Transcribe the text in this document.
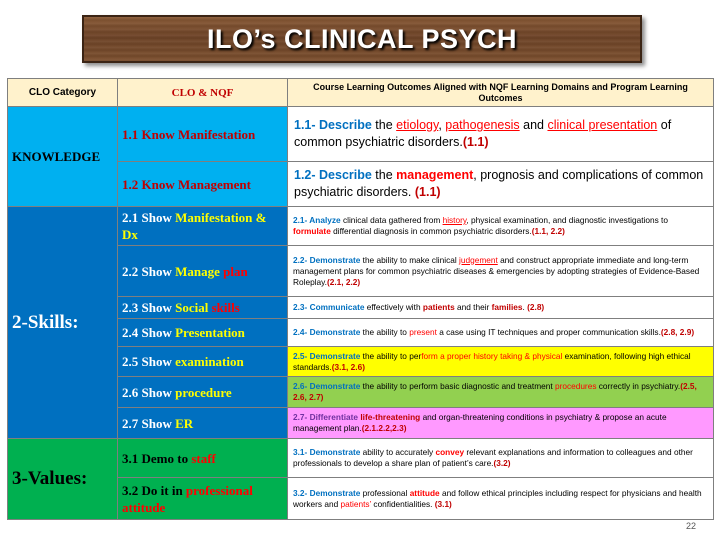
ILO’s CLINICAL PSYCH
CLO Category	CLO & NQF	Course Learning Outcomes Aligned with NQF Learning Domains and Program Learning Outcomes
KNOWLEDGE	1.1 Know Manifestation	1.1- Describe the etiology, pathogenesis and clinical presentation of common psychiatric disorders.(1.1)
	1.2 Know Management	1.2- Describe the management, prognosis and complications of common psychiatric disorders. (1.1)
2-Skills:	2.1 Show Manifestation & Dx	2.1- Analyze clinical data gathered from history, physical examination, and diagnostic investigations to formulate differential diagnosis in common psychiatric disorders.(1.1, 2.2)
	2.2 Show Manage plan	2.2- Demonstrate the ability to make clinical judgement and construct appropriate immediate and long-term management plans for common psychiatric diseases & emergencies by adopting strategies of Evidence-Based Roleplay.(2.1, 2.2)
	2.3 Show Social skills	2.3- Communicate effectively with patients and their families. (2.8)
	2.4 Show Presentation	2.4- Demonstrate the ability to present a case using IT techniques and proper communication skills.(2.8, 2.9)
	2.5 Show examination	2.5- Demonstrate the ability to perform a proper history taking & physical examination, following high ethical standards.(3.1, 2.6)
	2.6 Show procedure	2.6- Demonstrate the ability to perform basic diagnostic and treatment procedures correctly in psychiatry.(2.5, 2.6, 2.7)
	2.7 Show ER	2.7- Differentiate life-threatening and organ-threatening conditions in psychiatry & propose an acute management plan.(2.1.2.2,2.3)
3-Values:	3.1 Demo to staff	3.1- Demonstrate ability to accurately convey relevant explanations and information to colleagues and other professionals to develop a share plan of patient’s care.(3.2)
	3.2 Do it in professional attitude	3.2- Demonstrate professional attitude and follow ethical principles including respect for physicians and health workers and patients’ confidentialities. (3.1)
22
